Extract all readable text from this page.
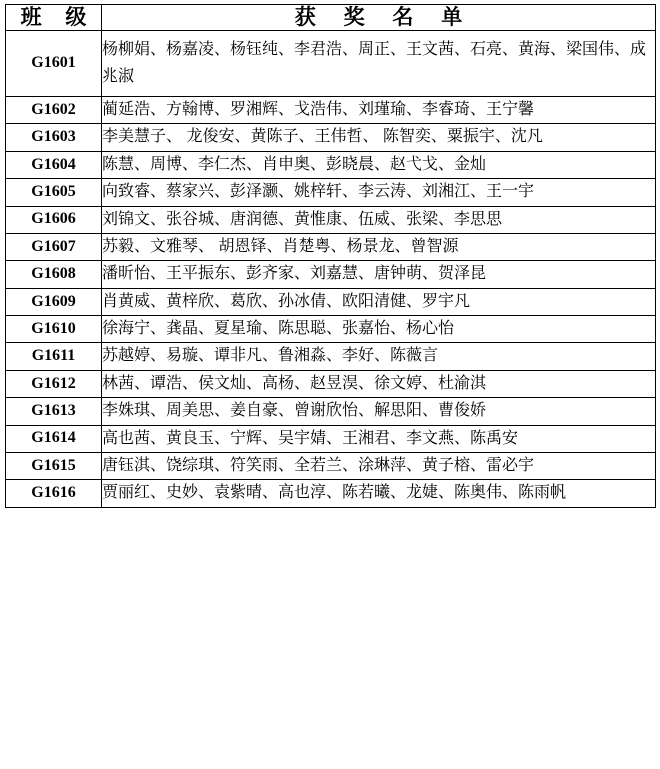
班 级	获 奖 名 单
G1601	杨柳娟、杨嘉凌、杨钰纯、李君浩、周正、王文茜、石亮、黄海、梁国伟、成兆淑
G1602	蔺延浩、方翰博、罗湘辉、戈浩伟、刘瑾瑜、李睿琦、王宁馨
G1603	李美慧子、 龙俊安、黄陈子、王伟哲、 陈智奕、粟振宇、沈凡
G1604	陈慧、周博、李仁杰、肖申奥、彭晓晨、赵弋戈、金灿
G1605	向致睿、蔡家兴、彭泽灏、姚梓轩、李云涛、刘湘江、王一宇
G1606	刘锦文、张谷城、唐润德、黄惟康、伍威、张梁、李思思
G1607	苏毅、文雅琴、 胡恩铎、肖楚粤、杨景龙、曾智源
G1608	潘昕怡、王平振东、彭齐家、刘嘉慧、唐钟萌、贺泽昆
G1609	肖黄威、黄梓欣、葛欣、孙冰倩、欧阳清健、罗宇凡
G1610	徐海宁、龚晶、夏星瑜、陈思聪、张嘉怡、杨心怡
G1611	苏越婷、易璇、谭非凡、鲁湘淼、李好、陈薇言
G1612	林茜、谭浩、侯文灿、高杨、赵昱淏、徐文婷、杜渝淇
G1613	李姝琪、周美思、姜自豪、曾谢欣怡、解思阳、曹俊娇
G1614	高也茜、黄良玉、宁辉、吴宇婧、王湘君、李文燕、陈禹安
G1615	唐钰淇、饶综琪、符笑雨、全若兰、涂琳萍、黄子榕、雷必宇
G1616	贾丽红、史妙、袁紫晴、高也淳、陈若曦、龙婕、陈奥伟、陈雨帆
